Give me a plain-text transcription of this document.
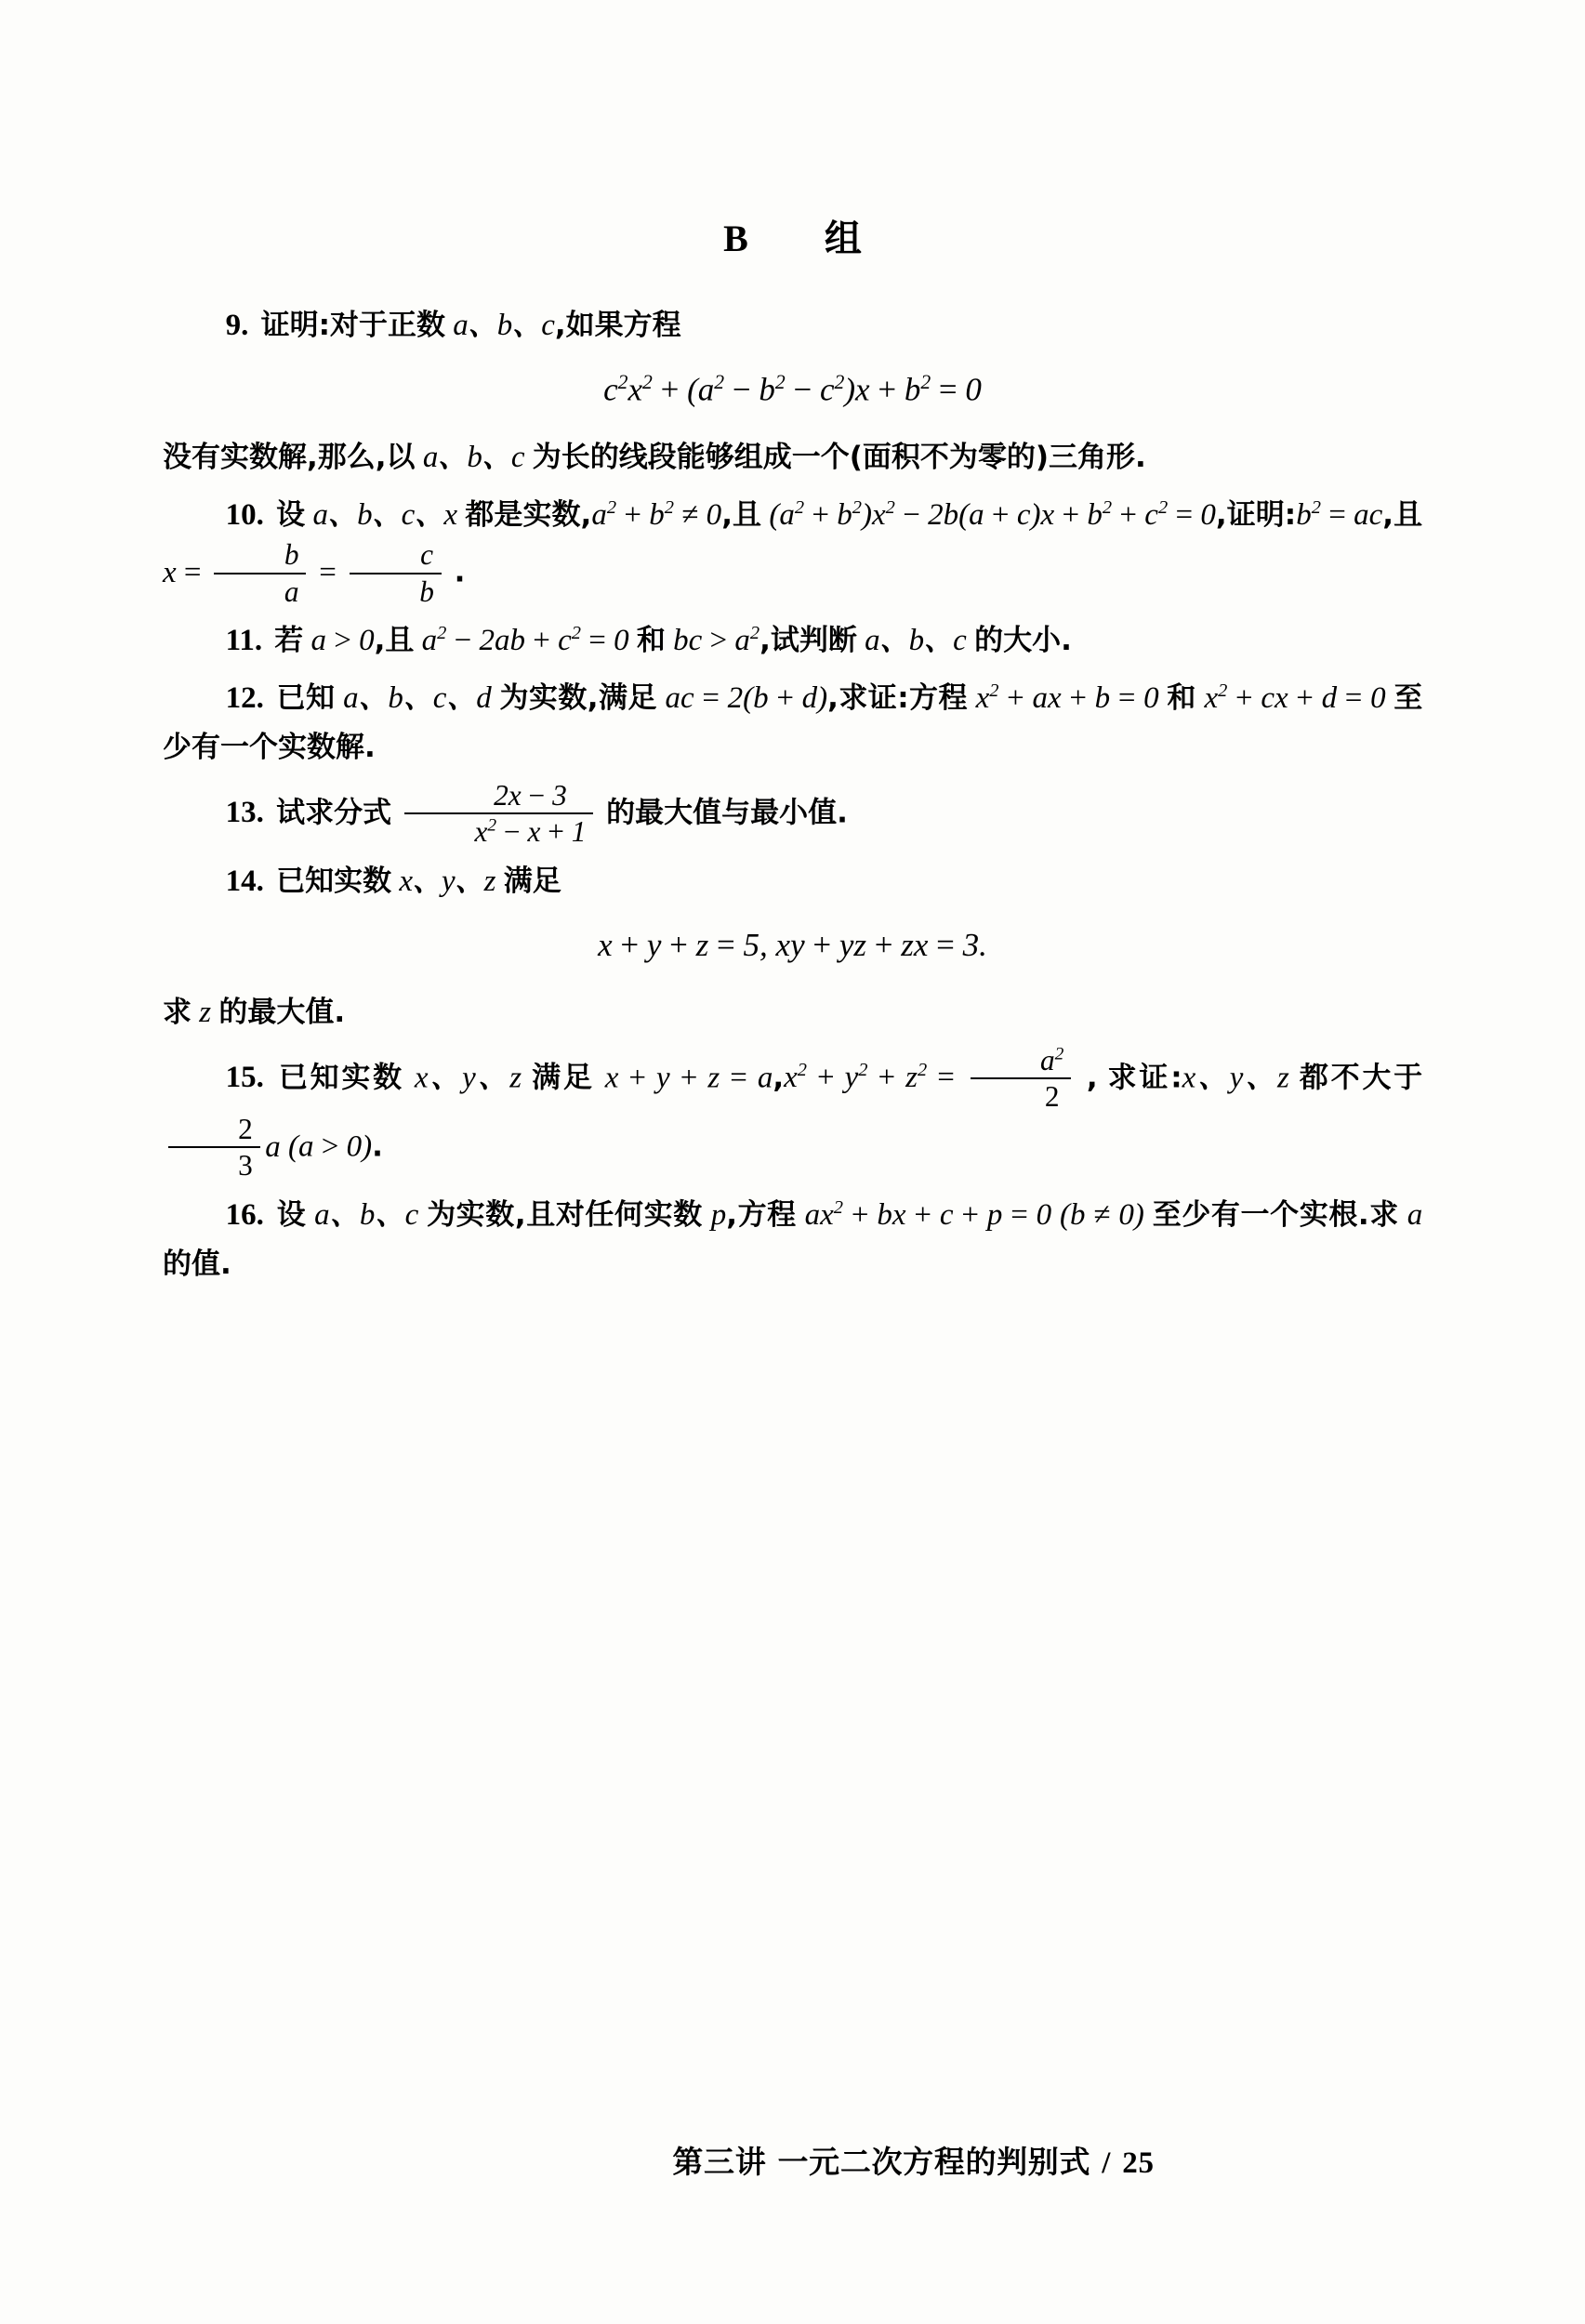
B 组
9. 证明:对于正数 a、b、c,如果方程
$c^2x^2 + (a^2 - b^2 - c^2)x + b^2 = 0$
没有实数解,那么,以 a、b、c 为长的线段能够组成一个(面积不为零的)三角形.
10. 设 a、b、c、x 都是实数$,a^2 + b^2 \ne 0$,且 $(a^2 + b^2)x^2 - 2b(a + c)x + b^2 + c^2 = 0$,证明$:b^2$ = ac,且 $x = \frac{b}{a} = \frac{c}{b}$ .
11. 若 a > 0,且 $a^2 - 2ab + c^2 = 0$ 和 bc > $a^2$,试判断 a、b、c 的大小.
12. 已知 a、b、c、d 为实数,满足 ac = 2(b + d),求证:方程 $x^2$ + ax + b = 0 和 $x^2$ + cx + d = 0 至少有一个实数解.
13. 试求分式 $\frac{2x - 3}{x^2 - x + 1}$ 的最大值与最小值.
14. 已知实数 x、y、z 满足
x + y + z = 5, xy + yz + zx = 3.
求 z 的最大值.
15. 已知实数 x、y、z 满足 $x + y + z = a,x^2 + y^2 + z^2 = \frac{a^2}{2}$ , 求证:x、y、z 都不大于
$\frac{2}{3}$ a (a > 0).
16. 设 a、b、c 为实数,且对任何实数 p,方程 $ax^2$ + bx + c + p = 0 (b ≠ 0) 至少有一个实根.求 a 的值.
第三讲 一元二次方程的判别式 / 25
